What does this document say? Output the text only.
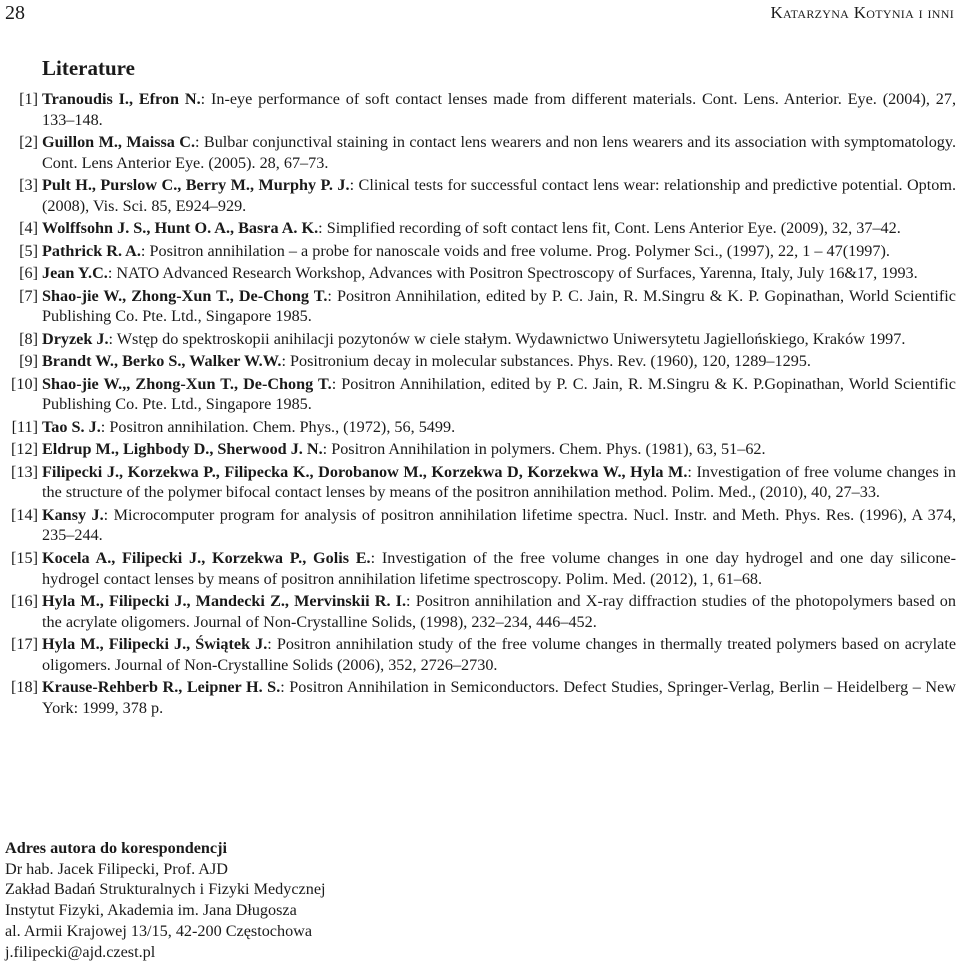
28	Katarzyna Kotynia i inni
Literature
[1] Tranoudis I., Efron N.: In-eye performance of soft contact lenses made from different materials. Cont. Lens. Anterior. Eye. (2004), 27, 133–148.
[2] Guillon M., Maissa C.: Bulbar conjunctival staining in contact lens wearers and non lens wearers and its association with symptomatology. Cont. Lens Anterior Eye. (2005). 28, 67–73.
[3] Pult H., Purslow C., Berry M., Murphy P. J.: Clinical tests for successful contact lens wear: relationship and predictive potential. Optom. (2008), Vis. Sci. 85, E924–929.
[4] Wolffsohn J. S., Hunt O. A., Basra A. K.: Simplified recording of soft contact lens fit, Cont. Lens Anterior Eye. (2009), 32, 37–42.
[5] Pathrick R. A.: Positron annihilation – a probe for nanoscale voids and free volume. Prog. Polymer Sci., (1997), 22, 1 – 47(1997).
[6] Jean Y.C.: NATO Advanced Research Workshop, Advances with Positron Spectroscopy of Surfaces, Yarenna, Italy, July 16&17, 1993.
[7] Shao-jie W., Zhong-Xun T., De-Chong T.: Positron Annihilation, edited by P. C. Jain, R. M.Singru & K. P. Gopinathan, World Scientific Publishing Co. Pte. Ltd., Singapore 1985.
[8] Dryzek J.: Wstęp do spektroskopii anihilacji pozytonów w ciele stałym. Wydawnictwo Uniwersytetu Jagiellońskiego, Kraków 1997.
[9] Brandt W., Berko S., Walker W.W.: Positronium decay in molecular substances. Phys. Rev. (1960), 120, 1289–1295.
[10] Shao-jie W.,, Zhong-Xun T., De-Chong T.: Positron Annihilation, edited by P. C. Jain, R. M.Singru & K. P.Gopinathan, World Scientific Publishing Co. Pte. Ltd., Singapore 1985.
[11] Tao S. J.: Positron annihilation. Chem. Phys., (1972), 56, 5499.
[12] Eldrup M., Lighbody D., Sherwood J. N.: Positron Annihilation in polymers. Chem. Phys. (1981), 63, 51–62.
[13] Filipecki J., Korzekwa P., Filipecka K., Dorobanow M., Korzekwa D, Korzekwa W., Hyla M.: Investigation of free volume changes in the structure of the polymer bifocal contact lenses by means of the positron annihilation method. Polim. Med., (2010), 40, 27–33.
[14] Kansy J.: Microcomputer program for analysis of positron annihilation lifetime spectra. Nucl. Instr. and Meth. Phys. Res. (1996), A 374, 235–244.
[15] Kocela A., Filipecki J., Korzekwa P., Golis E.: Investigation of the free volume changes in one day hydrogel and one day silicone-hydrogel contact lenses by means of positron annihilation lifetime spectroscopy. Polim. Med. (2012), 1, 61–68.
[16] Hyla M., Filipecki J., Mandecki Z., Mervinskii R. I.: Positron annihilation and X-ray diffraction studies of the photopolymers based on the acrylate oligomers. Journal of Non-Crystalline Solids, (1998), 232–234, 446–452.
[17] Hyla M., Filipecki J., Świątek J.: Positron annihilation study of the free volume changes in thermally treated polymers based on acrylate oligomers. Journal of Non-Crystalline Solids (2006), 352, 2726–2730.
[18] Krause-Rehberb R., Leipner H. S.: Positron Annihilation in Semiconductors. Defect Studies, Springer-Verlag, Berlin – Heidelberg – New York: 1999, 378 p.
Adres autora do korespondencji
Dr hab. Jacek Filipecki, Prof. AJD
Zakład Badań Strukturalnych i Fizyki Medycznej
Instytut Fizyki, Akademia im. Jana Długosza
al. Armii Krajowej 13/15, 42-200 Częstochowa
j.filipecki@ajd.czest.pl
